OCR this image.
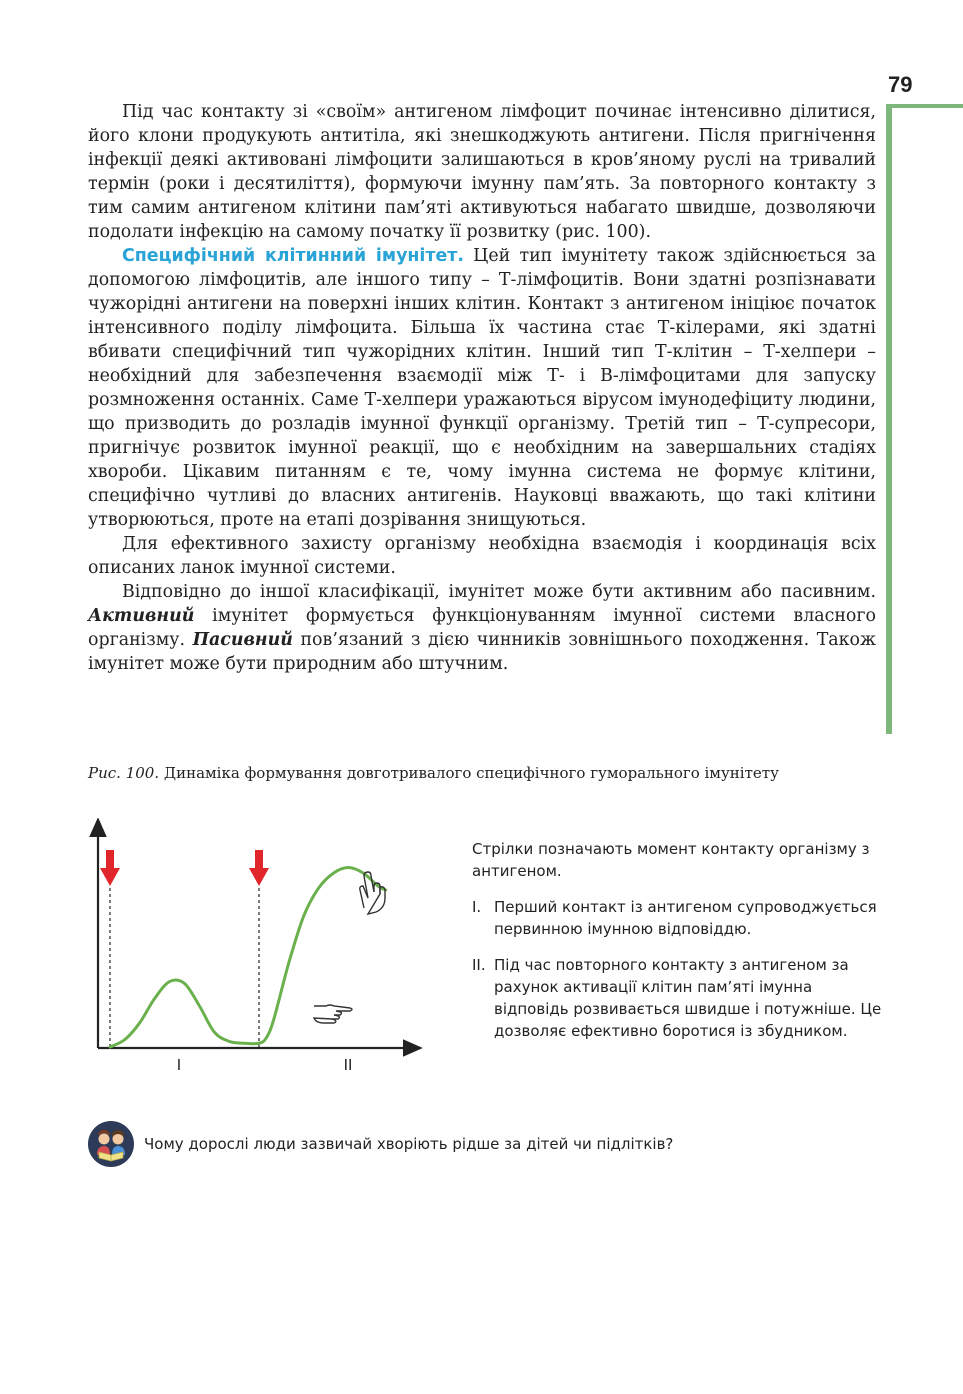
79

Під час контакту зі «своїм» антигеном лімфоцит починає інтенсивно ділитися, його клони продукують антитіла, які знешкоджують антигени. Після пригнічення інфекції деякі активовані лімфоцити залишаються в кров’яному руслі на тривалий термін (роки і десятиліття), формуючи імунну пам’ять. За повторного контакту з тим самим антигеном клітини пам’яті активуються набагато швидше, дозволяючи подолати інфекцію на самому початку її розвитку (рис. 100).

Специфічний клітинний імунітет. Цей тип імунітету також здійснюється за допомогою лімфоцитів, але іншого типу – Т-лімфоцитів. Вони здатні розпізнавати чужорідні антигени на поверхні інших клітин. Контакт з антигеном ініціює початок інтенсивного поділу лімфоцита. Більша їх частина стає Т-кілерами, які здатні вбивати специфічний тип чужорідних клітин. Інший тип Т-клітин – Т-хелпери – необхідний для забезпечення взаємодії між Т- і В-лімфоцитами для запуску розмноження останніх. Саме Т-хелпери уражаються вірусом імунодефіциту людини, що призводить до розладів імунної функції організму. Третій тип – Т-супресори, пригнічує розвиток імунної реакції, що є необхідним на завершальних стадіях хвороби. Цікавим питанням є те, чому імунна система не формує клітини, специфічно чутливі до власних антигенів. Науковці вважають, що такі клітини утворюються, проте на етапі дозрівання знищуються.

Для ефективного захисту організму необхідна взаємодія і координація всіх описаних ланок імунної системи.

Відповідно до іншої класифікації, імунітет може бути активним або пасивним. Активний імунітет формується функціонуванням імунної системи власного організму. Пасивний пов’язаний з дією чинників зовнішнього походження. Також імунітет може бути природним або штучним.

Рис. 100. Динаміка формування довготривалого специфічного гуморального імунітету
I	II

Стрілки позначають момент контакту організму з антигеном.

I. Перший контакт із антигеном супроводжується первинною імунною відповіддю.

II. Під час повторного контакту з антигеном за рахунок активації клітин пам’яті імунна відповідь розвивається швидше і потужніше. Це дозволяє ефективно боротися із збудником.

Чому дорослі люди зазвичай хворіють рідше за дітей чи підлітків?
